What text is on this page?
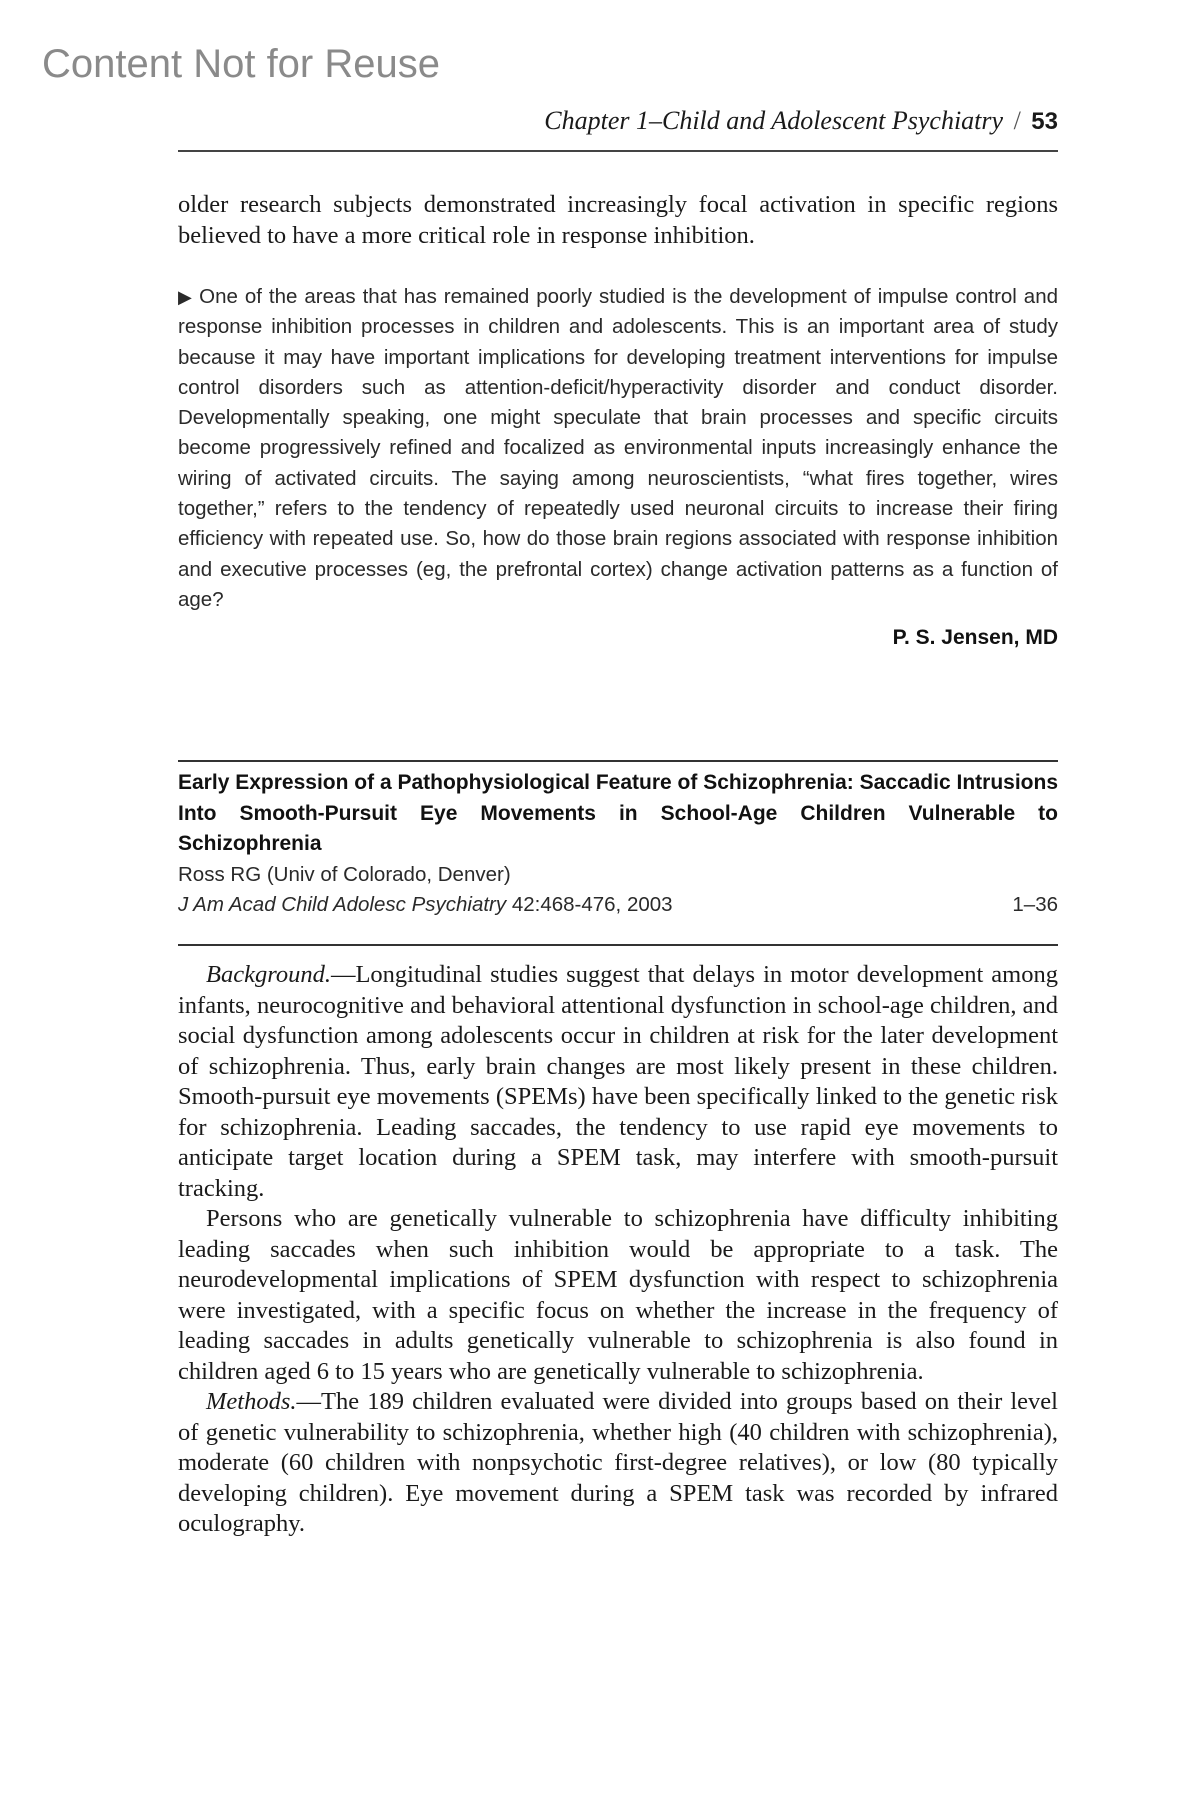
Content Not for Reuse
Chapter 1–Child and Adolescent Psychiatry / 53

older research subjects demonstrated increasingly focal activation in specific regions believed to have a more critical role in response inhibition.

▶ One of the areas that has remained poorly studied is the development of impulse control and response inhibition processes in children and adolescents. This is an important area of study because it may have important implications for developing treatment interventions for impulse control disorders such as attention-deficit/hyperactivity disorder and conduct disorder. Developmentally speaking, one might speculate that brain processes and specific circuits become progressively refined and focalized as environmental inputs increasingly enhance the wiring of activated circuits. The saying among neuroscientists, “what fires together, wires together,” refers to the tendency of repeatedly used neuronal circuits to increase their firing efficiency with repeated use. So, how do those brain regions associated with response inhibition and executive processes (eg, the prefrontal cortex) change activation patterns as a function of age?

P. S. Jensen, MD

Early Expression of a Pathophysiological Feature of Schizophrenia: Saccadic Intrusions Into Smooth-Pursuit Eye Movements in School-Age Children Vulnerable to Schizophrenia

Ross RG (Univ of Colorado, Denver)
J Am Acad Child Adolesc Psychiatry 42:468-476, 2003	1–36

Background.—Longitudinal studies suggest that delays in motor development among infants, neurocognitive and behavioral attentional dysfunction in school-age children, and social dysfunction among adolescents occur in children at risk for the later development of schizophrenia. Thus, early brain changes are most likely present in these children. Smooth-pursuit eye movements (SPEMs) have been specifically linked to the genetic risk for schizophrenia. Leading saccades, the tendency to use rapid eye movements to anticipate target location during a SPEM task, may interfere with smooth-pursuit tracking.

Persons who are genetically vulnerable to schizophrenia have difficulty inhibiting leading saccades when such inhibition would be appropriate to a task. The neurodevelopmental implications of SPEM dysfunction with respect to schizophrenia were investigated, with a specific focus on whether the increase in the frequency of leading saccades in adults genetically vulnerable to schizophrenia is also found in children aged 6 to 15 years who are genetically vulnerable to schizophrenia.

Methods.—The 189 children evaluated were divided into groups based on their level of genetic vulnerability to schizophrenia, whether high (40 children with schizophrenia), moderate (60 children with nonpsychotic first-degree relatives), or low (80 typically developing children). Eye movement during a SPEM task was recorded by infrared oculography.
